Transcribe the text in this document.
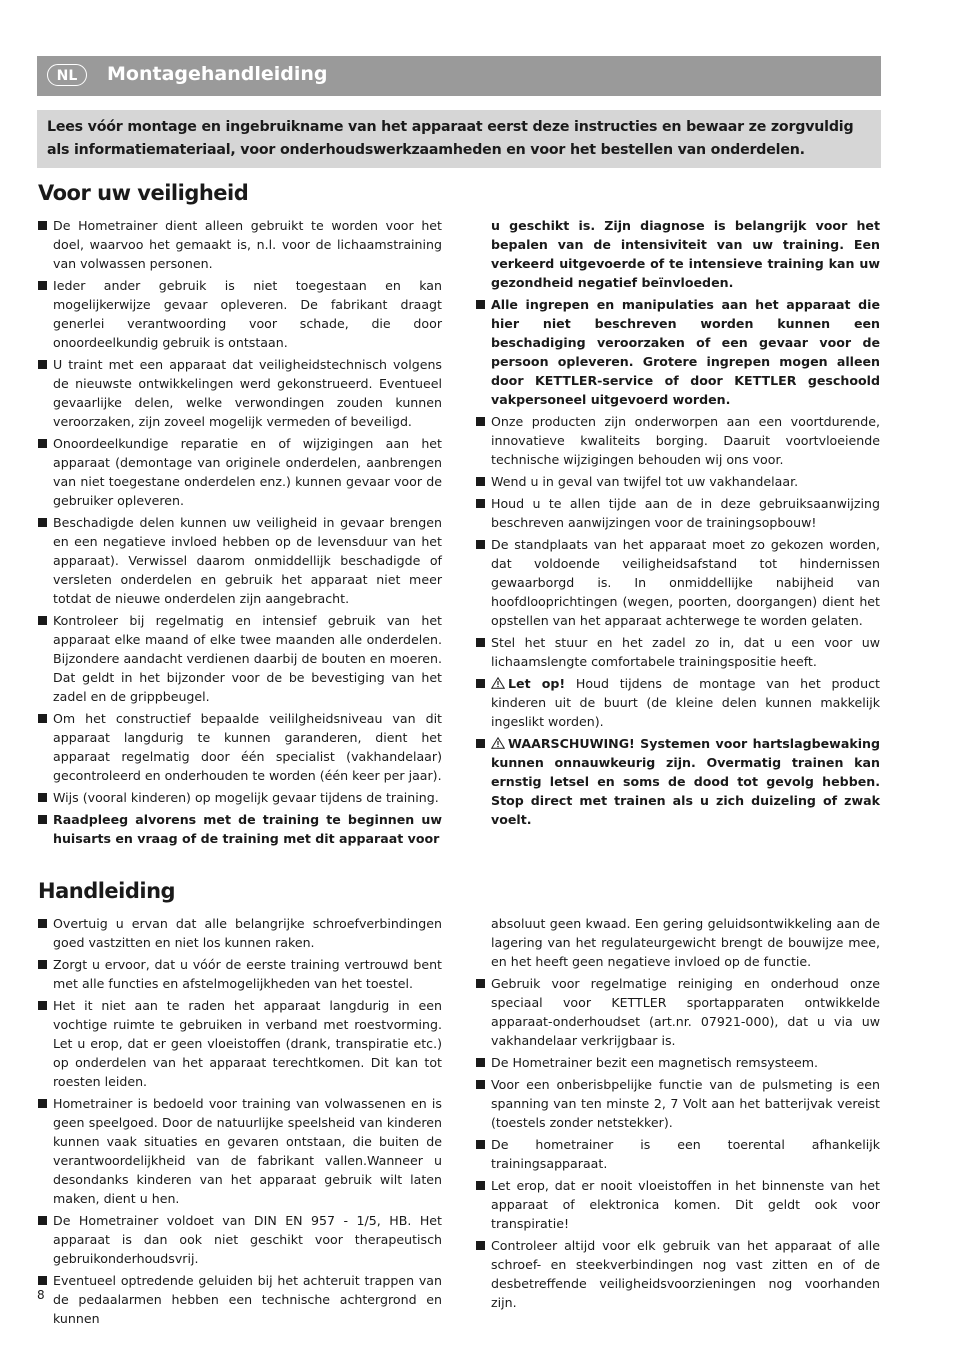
NL	Montagehandleiding
Lees vóór montage en ingebruikname van het apparaat eerst deze instructies en bewaar ze zorgvuldig als informatiemateriaal, voor onderhoudswerkzaamheden en voor het bestellen van onderdelen.
Voor uw veiligheid
De Hometrainer dient alleen gebruikt te worden voor het doel, waarvoo het gemaakt is, n.l. voor de lichaamstraining van volwassen personen.
Ieder ander gebruik is niet toegestaan en kan mogelijkerwijze gevaar opleveren. De fabrikant draagt generlei verantwoording voor schade, die door onoordeelkundig gebruik is ontstaan.
U traint met een apparaat dat veiligheidstechnisch volgens de nieuwste ontwikkelingen werd gekonstrueerd. Eventueel gevaarlijke delen, welke verwondingen zouden kunnen veroorzaken, zijn zoveel mogelijk vermeden of beveiligd.
Onoordeelkundige reparatie en of wijzigingen aan het apparaat (demontage van originele onderdelen, aanbrengen van niet toegestane onderdelen enz.) kunnen gevaar voor de gebruiker opleveren.
Beschadigde delen kunnen uw veiligheid in gevaar brengen en een negatieve invloed hebben op de levensduur van het apparaat). Verwissel daarom onmiddellijk beschadigde of versleten onderdelen en gebruik het apparaat niet meer totdat de nieuwe onderdelen zijn aangebracht.
Kontroleer bij regelmatig en intensief gebruik van het apparaat elke maand of elke twee maanden alle onderdelen. Bijzondere aandacht verdienen daarbij de bouten en moeren. Dat geldt in het bijzonder voor de be bevestiging van het zadel en de grippbeugel.
Om het constructief bepaalde veililgheidsniveau van dit apparaat langdurig te kunnen garanderen, dient het apparaat regelmatig door één specialist (vakhandelaar) gecontroleerd en onderhouden te worden (één keer per jaar).
Wijs (vooral kinderen) op mogelijk gevaar tijdens de training.
Raadpleeg alvorens met de training te beginnen uw huisarts en vraag of de training met dit apparaat voor
u geschikt is. Zijn diagnose is belangrijk voor het bepalen van de intensiviteit van uw training. Een verkeerd uitgevoerde of te intensieve training kan uw gezondheid negatief beïnvloeden.
Alle ingrepen en manipulaties aan het apparaat die hier niet beschreven worden kunnen een beschadiging veroorzaken of een gevaar voor de persoon opleveren. Grotere ingrepen mogen alleen door KETTLER-service of door KETTLER geschoold vakpersoneel uitgevoerd worden.
Onze producten zijn onderworpen aan een voortdurende, innovatieve kwaliteits borging. Daaruit voortvloeiende technische wijzigingen behouden wij ons voor.
Wend u in geval van twijfel tot uw vakhandelaar.
Houd u te allen tijde aan de in deze gebruiksaanwijzing beschreven aanwijzingen voor de trainingsopbouw!
De standplaats van het apparaat moet zo gekozen worden, dat voldoende veiligheidsafstand tot hindernissen gewaarborgd is. In onmiddellijke nabijheid van hoofdlooprichtingen (wegen, poorten, doorgangen) dient het opstellen van het apparaat achterwege te worden gelaten.
Stel het stuur en het zadel zo in, dat u een voor uw lichaamslengte comfortabele trainingspositie heeft.
Let op! Houd tijdens de montage van het product kinderen uit de buurt (de kleine delen kunnen makkelijk ingeslikt worden).
WAARSCHUWING! Systemen voor hartslagbewaking kunnen onnauwkeurig zijn. Overmatig trainen kan ernstig letsel en soms de dood tot gevolg hebben. Stop direct met trainen als u zich duizeling of zwak voelt.
Handleiding
Overtuig u ervan dat alle belangrijke schroefverbindingen goed vastzitten en niet los kunnen raken.
Zorgt u ervoor, dat u vóór de eerste training vertrouwd bent met alle functies en afstelmogelijkheden van het toestel.
Het it niet aan te raden het apparaat langdurig in een vochtige ruimte te gebruiken in verband met roestvorming. Let u erop, dat er geen vloeistoffen (drank, transpiratie etc.) op onderdelen van het apparaat terechtkomen. Dit kan tot roesten leiden.
Hometrainer is bedoeld voor training van volwassenen en is geen speelgoed. Door de natuurlijke speelsheid van kinderen kunnen vaak situaties en gevaren ontstaan, die buiten de verantwoordelijkheid van de fabrikant vallen.Wanneer u desondanks kinderen van het apparaat gebruik wilt laten maken, dient u hen.
De Hometrainer voldoet van DIN EN 957 - 1/5, HB. Het apparaat is dan ook niet geschikt voor therapeutisch gebruikonderhoudsvrij.
Eventueel optredende geluiden bij het achteruit trappen van de pedaalarmen hebben een technische achtergrond en kunnen
absoluut geen kwaad. Een gering geluidsontwikkeling aan de lagering van het regulateurgewicht brengt de bouwijze mee, en het heeft geen negatieve invloed op de functie.
Gebruik voor regelmatige reiniging en onderhoud onze speciaal voor KETTLER sportapparaten ontwikkelde apparaat-onderhoudset (art.nr. 07921-000), dat u via uw vakhandelaar verkrijgbaar is.
De Hometrainer bezit een magnetisch remsysteem.
Voor een onberisbpelijke functie van de pulsmeting is een spanning van ten minste 2, 7 Volt aan het batterijvak vereist (toestels zonder netstekker).
De hometrainer is een toerental afhankelijk trainingsapparaat.
Let erop, dat er nooit vloeistoffen in het binnenste van het apparaat of elektronica komen. Dit geldt ook voor transpiratie!
Controleer altijd voor elk gebruik van het apparaat of alle schroef- en steekverbindingen nog vast zitten en of de desbetreffende veiligheidsvoorzieningen nog voorhanden zijn.
8
